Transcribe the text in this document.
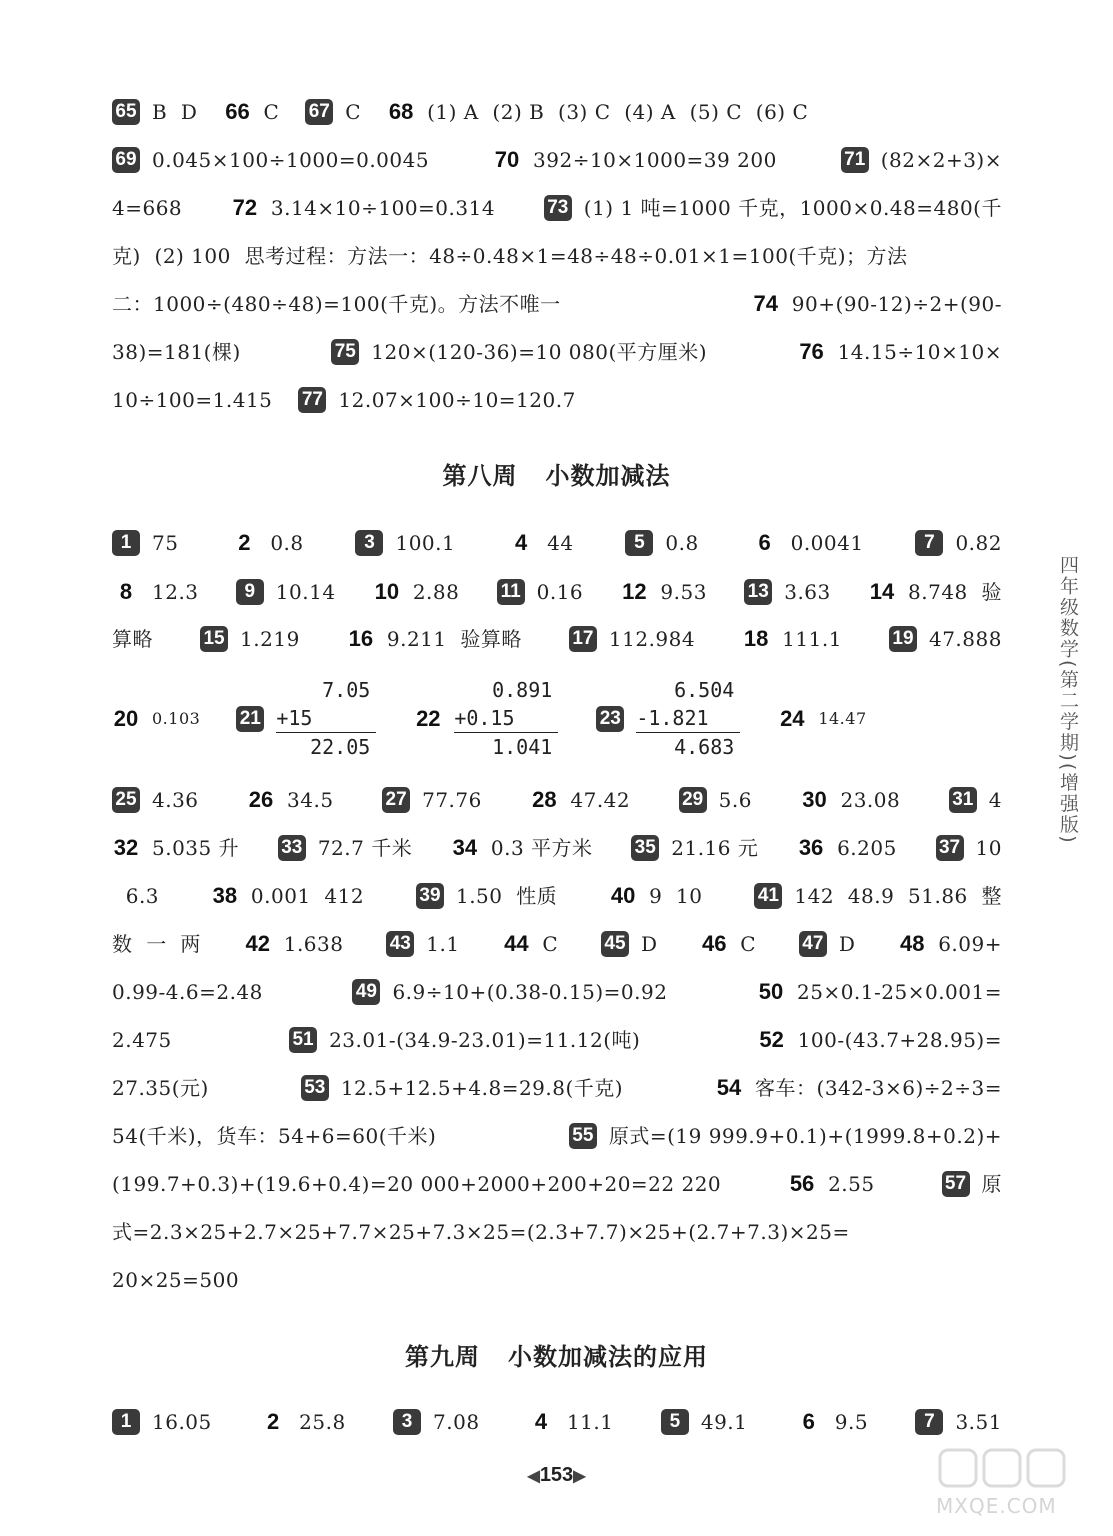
65 B  D 66 C 67 C 68 (1) A  (2) B  (3) C  (4) A  (5) C  (6) C
69 0.045×100÷1000=0.0045	70 392÷10×1000=39 200	71 (82×2+3)×
4=668 72 3.14×10÷100=0.314	73 (1) 1 吨=1000 千克，1000×0.48=480(千
克)  (2) 100  思考过程：方法一：48÷0.48×1=48÷48÷0.01×1=100(千克)；方法
二：1000÷(480÷48)=100(千克)。方法不唯一	74 90+(90-12)÷2+(90-
38)=181(棵)	75 120×(120-36)=10 080(平方厘米)	76 14.15÷10×10×
10÷100=1.415 77 12.07×100÷10=120.7
第八周 小数加减法
1	75	2 0.8	3	100.1	4 44	5	0.8	6 0.0041	7	0.82
8 12.3	9	10.14 10 2.88 11 0.16 12 9.53 13 3.63 14 8.748  验
算略	15 1.219 16 9.211  验算略	17 112.984 18 111.1	19 47.888
20 0.103 21
7.05
+15
22.05
22
0.891
+0.15
1.041
23
6.504
-1.821
4.683
24 14.47
25 4.36 26 34.5	27 77.76 28 47.42	29 5.6 30 23.08	31 4
32 5.035 升 33 72.7 千米 34 0.3 平方米 35 21.16 元 36 6.205 37 10
6.3 38 0.001  412	39 1.50  性质 40 9  10	41 142  48.9  51.86  整
数  一  两 42 1.638 43 1.1 44 C 45 D 46 C 47 D 48 6.09+
0.99-4.6=2.48	49 6.9÷10+(0.38-0.15)=0.92	50 25×0.1-25×0.001=
2.475	51 23.01-(34.9-23.01)=11.12(吨)	52 100-(43.7+28.95)=
27.35(元)	53 12.5+12.5+4.8=29.8(千克)	54 客车：(342-3×6)÷2÷3=
54(千米)，货车：54+6=60(千米)	55 原式=(19 999.9+0.1)+(1999.8+0.2)+
(199.7+0.3)+(19.6+0.4)=20 000+2000+200+20=22 220	56 2.55	57 原
式=2.3×25+2.7×25+7.7×25+7.3×25=(2.3+7.7)×25+(2.7+7.3)×25=
20×25=500
第九周 小数加减法的应用
1	16.05	2 25.8	3	7.08	4 11.1	5	49.1	6 9.5	7	3.51
四年级数学(第二学期)(增强版)
◀153▶
MXQE.COM
